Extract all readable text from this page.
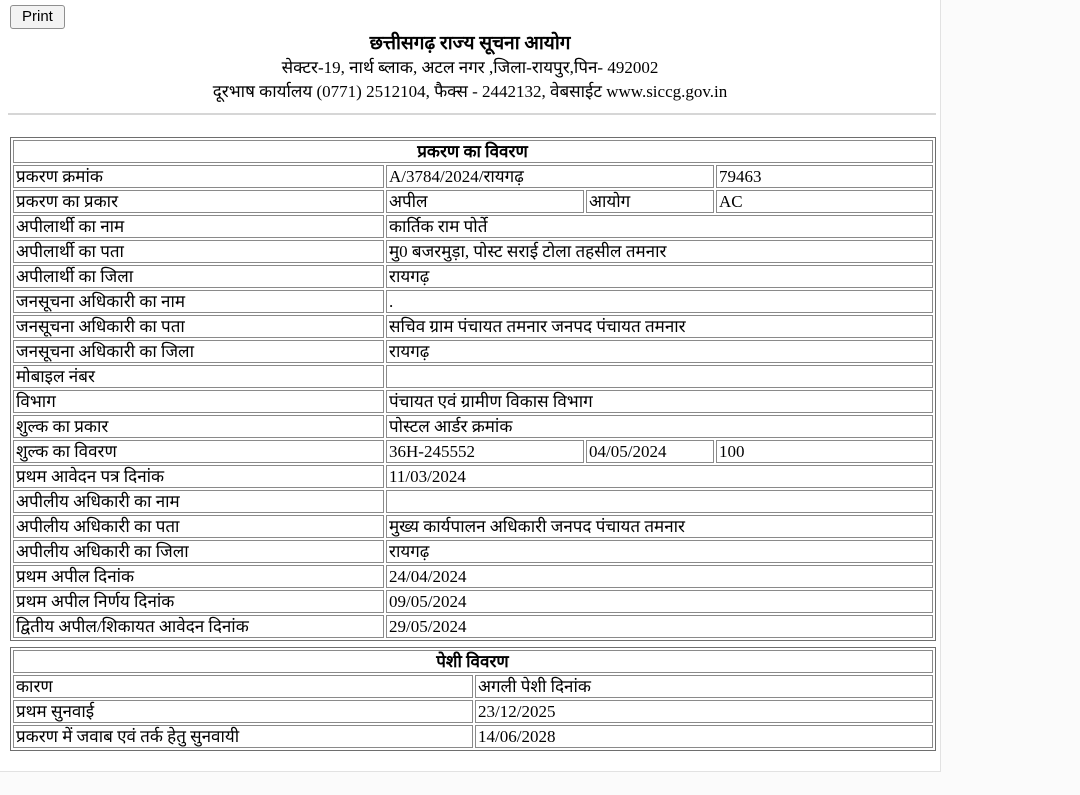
Print
छत्तीसगढ़ राज्य सूचना आयोग
सेक्टर-19, नार्थ ब्लाक, अटल नगर ,जिला-रायपुर,पिन- 492002
दूरभाष कार्यालय (0771) 2512104, फैक्स - 2442132, वेबसाईट www.siccg.gov.in
प्रकरण का विवरण			
प्रकरण क्रमांक	A/3784/2024/रायगढ़		79463
प्रकरण का प्रकार	अपील	आयोग	AC
अपीलार्थी का नाम	कार्तिक राम पोर्ते		
अपीलार्थी का पता	मु0 बजरमुड़ा, पोस्ट सराई टोला तहसील तमनार		
अपीलार्थी का जिला	रायगढ़		
जनसूचना अधिकारी का नाम	.		
जनसूचना अधिकारी का पता	सचिव ग्राम पंचायत तमनार जनपद पंचायत तमनार		
जनसूचना अधिकारी का जिला	रायगढ़		
मोबाइल नंबर			
विभाग	पंचायत एवं ग्रामीण विकास विभाग		
शुल्क का प्रकार	पोस्टल आर्डर क्रमांक		
शुल्क का विवरण	36H-245552	04/05/2024	100
प्रथम आवेदन पत्र दिनांक	11/03/2024		
अपीलीय अधिकारी का नाम			
अपीलीय अधिकारी का पता	मुख्य कार्यपालन अधिकारी जनपद पंचायत तमनार		
अपीलीय अधिकारी का जिला	रायगढ़		
प्रथम अपील दिनांक	24/04/2024		
प्रथम अपील निर्णय दिनांक	09/05/2024		
द्वितीय अपील/शिकायत आवेदन दिनांक	29/05/2024		
पेशी विवरण	
कारण	अगली पेशी दिनांक
प्रथम सुनवाई	23/12/2025
प्रकरण में जवाब एवं तर्क हेतु सुनवायी	14/06/2028
